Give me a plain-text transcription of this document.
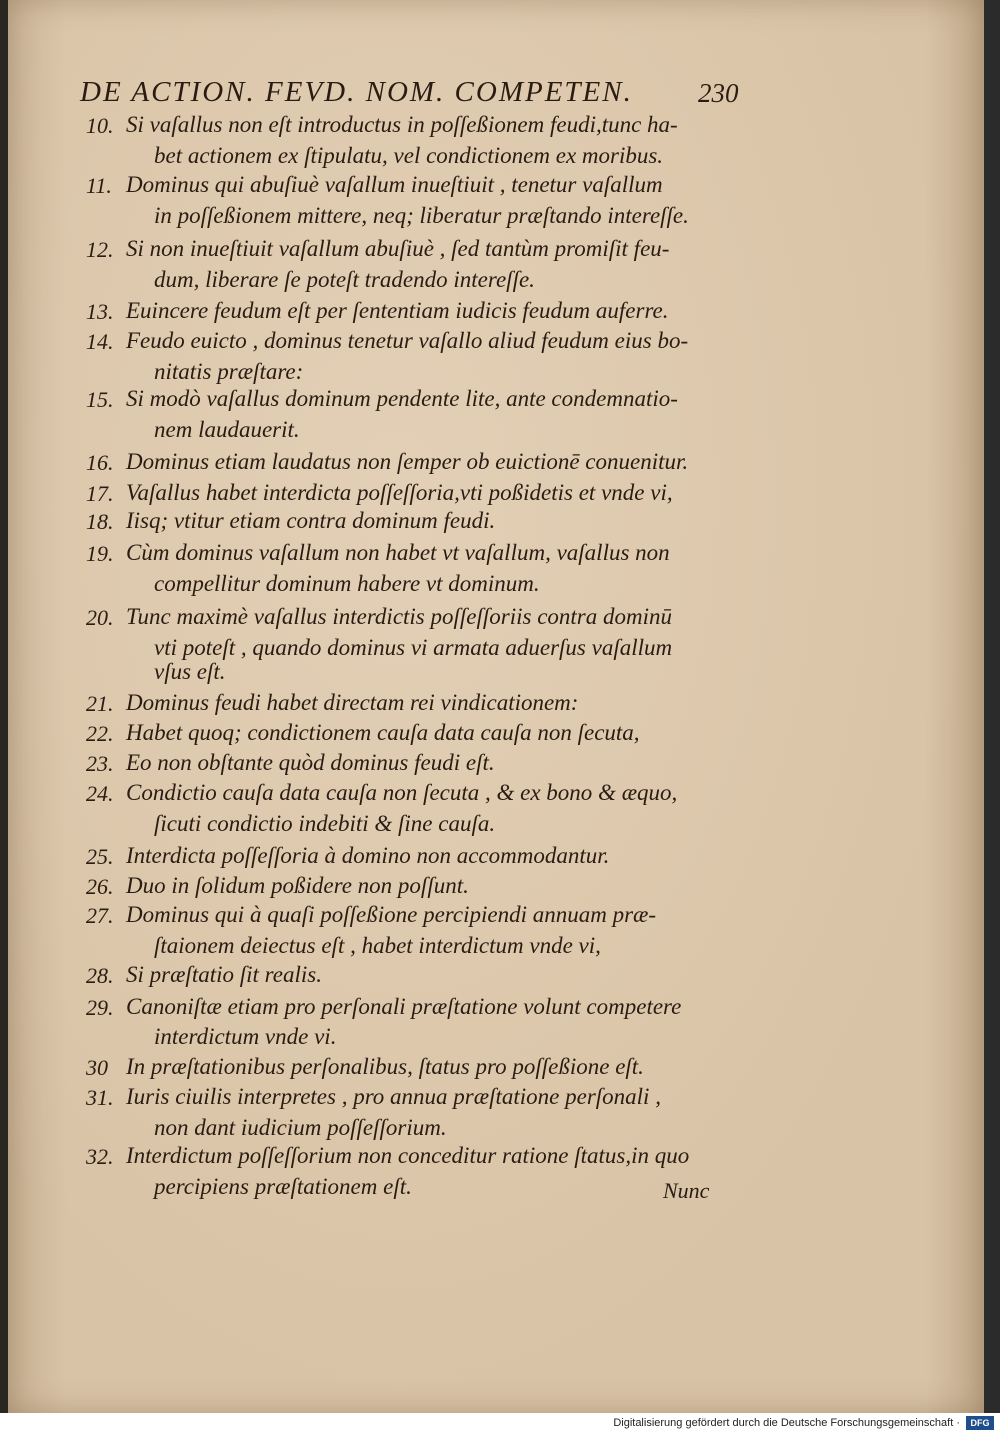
DE ACTION. FEVD. NOM. COMPETEN. 230
10. Si vaſallus non eſt introductus in poſſeßionem feudi,tunc ha-
bet actionem ex ſtipulatu, vel condictionem ex moribus.
11. Dominus qui abuſiuè vaſallum inueſtiuit , tenetur vaſallum
in poſſeßionem mittere, neq; liberatur præſtando intereſſe.
12. Si non inueſtiuit vaſallum abuſiuè , ſed tantùm promiſit feu-
dum, liberare ſe poteſt tradendo intereſſe.
13. Euincere feudum eſt per ſententiam iudicis feudum auferre.
14. Feudo euicto , dominus tenetur vaſallo aliud feudum eius bo-
nitatis præſtare:
15. Si modò vaſallus dominum pendente lite, ante condemnatio-
nem laudauerit.
16. Dominus etiam laudatus non ſemper ob euictionē conuenitur.
17. Vaſallus habet interdicta poſſeſſoria,vti poßidetis et vnde vi,
18. Iisq; vtitur etiam contra dominum feudi.
19. Cùm dominus vaſallum non habet vt vaſallum, vaſallus non
compellitur dominum habere vt dominum.
20. Tunc maximè vaſallus interdictis poſſeſſoriis contra dominū
vti poteſt , quando dominus vi armata aduerſus vaſallum
vſus eſt.
21. Dominus feudi habet directam rei vindicationem:
22. Habet quoq; condictionem cauſa data cauſa non ſecuta,
23. Eo non obſtante quòd dominus feudi eſt.
24. Condictio cauſa data cauſa non ſecuta , & ex bono & æquo,
ſicuti condictio indebiti & ſine cauſa.
25. Interdicta poſſeſſoria à domino non accommodantur.
26. Duo in ſolidum poßidere non poſſunt.
27. Dominus qui à quaſi poſſeßione percipiendi annuam præ-
ſtaionem deiectus eſt , habet interdictum vnde vi,
28. Si præſtatio ſit realis.
29. Canoniſtæ etiam pro perſonali præſtatione volunt competere
interdictum vnde vi.
30 In præſtationibus perſonalibus, ſtatus pro poſſeßione eſt.
31. Iuris ciuilis interpretes , pro annua præſtatione perſonali ,
non dant iudicium poſſeſſorium.
32. Interdictum poſſeſſorium non conceditur ratione ſtatus,in quo
percipiens præſtationem eſt.	Nunc
Digitalisierung gefördert durch die Deutsche Forschungsgemeinschaft ·	DFG
